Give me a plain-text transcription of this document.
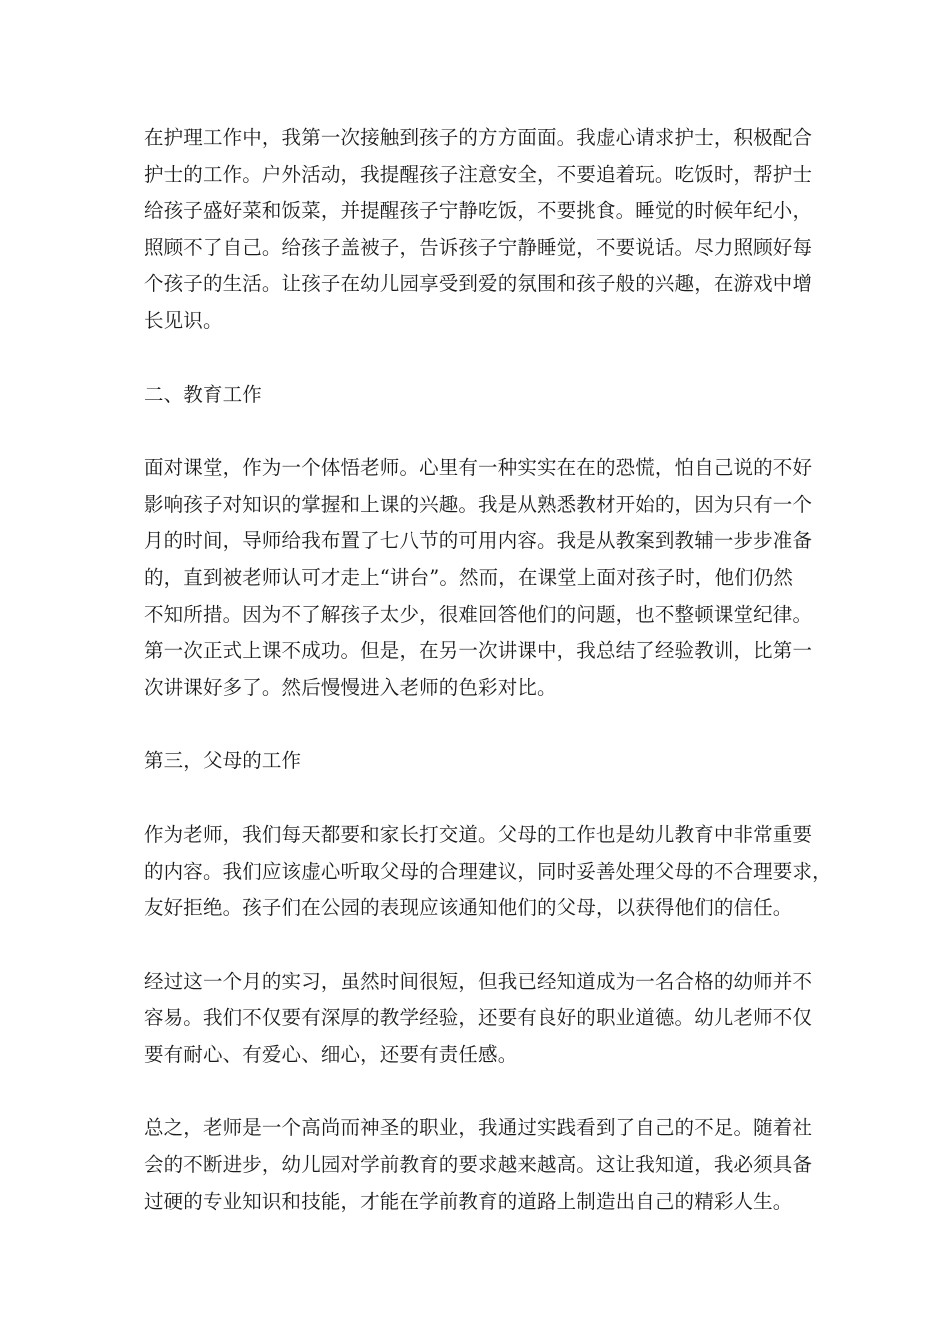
在护理工作中，我第一次接触到孩子的方方面面。我虚心请求护士，积极配合
护士的工作。户外活动，我提醒孩子注意安全，不要追着玩。吃饭时，帮护士
给孩子盛好菜和饭菜，并提醒孩子宁静吃饭，不要挑食。睡觉的时候年纪小，
照顾不了自己。给孩子盖被子，告诉孩子宁静睡觉，不要说话。尽力照顾好每
个孩子的生活。让孩子在幼儿园享受到爱的氛围和孩子般的兴趣，在游戏中增
长见识。
二、教育工作
面对课堂，作为一个体悟老师。心里有一种实实在在的恐慌，怕自己说的不好
影响孩子对知识的掌握和上课的兴趣。我是从熟悉教材开始的，因为只有一个
月的时间，导师给我布置了七八节的可用内容。我是从教案到教辅一步步准备
的，直到被老师认可才走上“讲台”。然而，在课堂上面对孩子时，他们仍然
不知所措。因为不了解孩子太少，很难回答他们的问题，也不整顿课堂纪律。
第一次正式上课不成功。但是，在另一次讲课中，我总结了经验教训，比第一
次讲课好多了。然后慢慢进入老师的色彩对比。
第三，父母的工作
作为老师，我们每天都要和家长打交道。父母的工作也是幼儿教育中非常重要
的内容。我们应该虚心听取父母的合理建议，同时妥善处理父母的不合理要求，
友好拒绝。孩子们在公园的表现应该通知他们的父母，以获得他们的信任。
经过这一个月的实习，虽然时间很短，但我已经知道成为一名合格的幼师并不
容易。我们不仅要有深厚的教学经验，还要有良好的职业道德。幼儿老师不仅
要有耐心、有爱心、细心，还要有责任感。
总之，老师是一个高尚而神圣的职业，我通过实践看到了自己的不足。随着社
会的不断进步，幼儿园对学前教育的要求越来越高。这让我知道，我必须具备
过硬的专业知识和技能，才能在学前教育的道路上制造出自己的精彩人生。
